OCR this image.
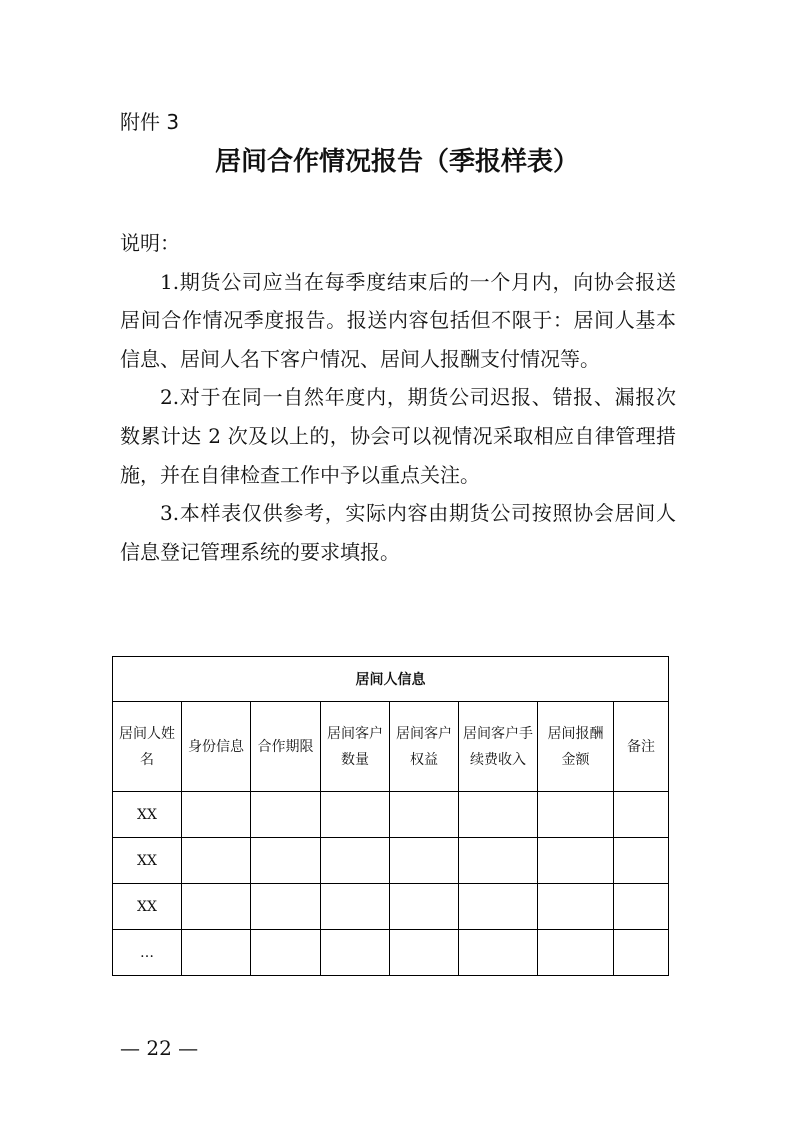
附件 3
居间合作情况报告（季报样表）

说明：

1.期货公司应当在每季度结束后的一个月内，向协会报送居间合作情况季度报告。报送内容包括但不限于：居间人基本信息、居间人名下客户情况、居间人报酬支付情况等。

2.对于在同一自然年度内，期货公司迟报、错报、漏报次数累计达 2 次及以上的，协会可以视情况采取相应自律管理措施，并在自律检查工作中予以重点关注。

3.本样表仅供参考，实际内容由期货公司按照协会居间人信息登记管理系统的要求填报。

居间人信息							
居间人姓名	身份信息	合作期限	居间客户数量	居间客户权益	居间客户手续费收入	居间报酬金额	备注
XX							
XX							
XX							
…							
— 22 —
